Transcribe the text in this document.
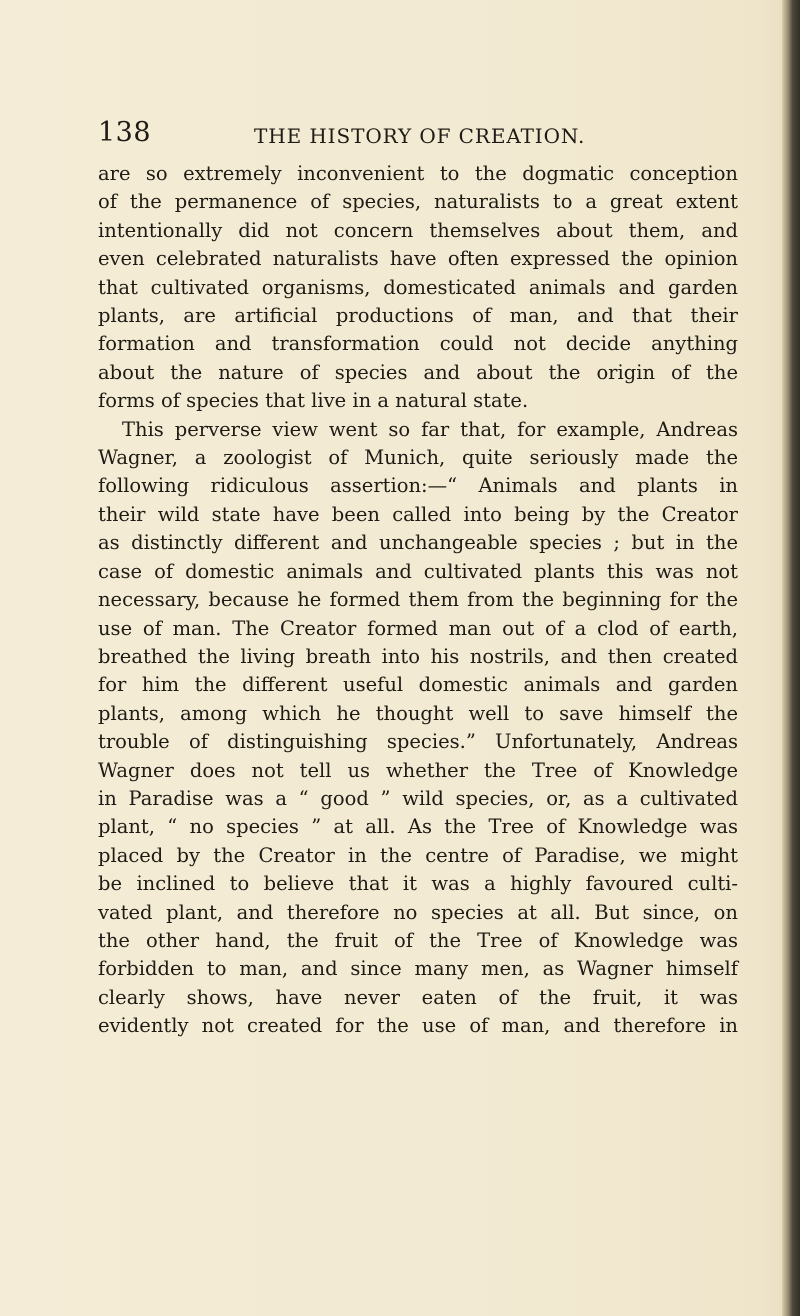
138	THE HISTORY OF CREATION.
are so extremely inconvenient to the dogmatic conception
of the permanence of species, naturalists to a great extent
intentionally did not concern themselves about them, and
even celebrated naturalists have often expressed the opinion
that cultivated organisms, domesticated animals and garden
plants, are artificial productions of man, and that their
formation and transformation could not decide anything
about the nature of species and about the origin of the
forms of species that live in a natural state.
This perverse view went so far that, for example, Andreas
Wagner, a zoologist of Munich, quite seriously made the
following ridiculous assertion:—“ Animals and plants in
their wild state have been called into being by the Creator
as distinctly different and unchangeable species ; but in the
case of domestic animals and cultivated plants this was not
necessary, because he formed them from the beginning for the
use of man. The Creator formed man out of a clod of earth,
breathed the living breath into his nostrils, and then created
for him the different useful domestic animals and garden
plants, among which he thought well to save himself the
trouble of distinguishing species.” Unfortunately, Andreas
Wagner does not tell us whether the Tree of Knowledge
in Paradise was a “ good ” wild species, or, as a cultivated
plant, “ no species ” at all. As the Tree of Knowledge was
placed by the Creator in the centre of Paradise, we might
be inclined to believe that it was a highly favoured culti-
vated plant, and therefore no species at all. But since, on
the other hand, the fruit of the Tree of Knowledge was
forbidden to man, and since many men, as Wagner himself
clearly shows, have never eaten of the fruit, it was
evidently not created for the use of man, and therefore in
